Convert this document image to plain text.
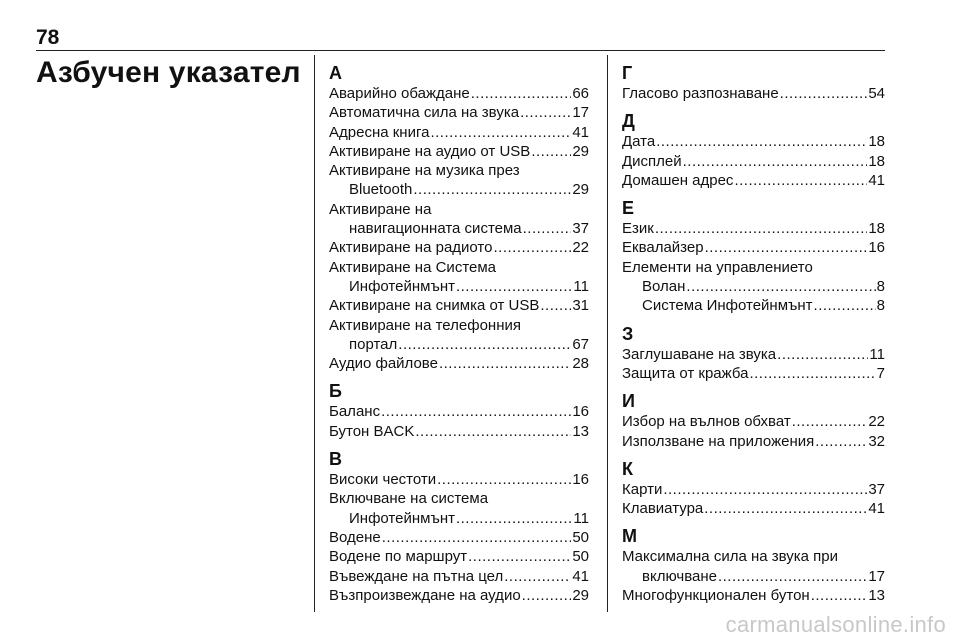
78
Азбучен указател А
Аварийно обаждане .....	66
Автоматична сила на звука .....	17
Адресна книга .....	41
Активиране на аудио от USB .....	29
Активиране на музика през
Bluetooth .....	29
Активиране на
навигационната система .....	37
Активиране на радиото .....	22
Активиране на Система
Инфотейнмънт .....	11
Активиране на снимка от USB ..... 31
Активиране на телефонния
портал .....	67
Аудио файлове .....	28
Б
Баланс .....	16
Бутон BACK .....	13
В
Високи честоти .....	16
Включване на система
Инфотейнмънт .....	11
Водене .....	50
Водене по маршрут .....	50
Въвеждане на пътна цел .....	41
Възпроизвеждане на аудио .....	29
Г
Гласово разпознаване .....	54
Д
Дата .....	18
Дисплей .....	18
Домашен адрес .....	41
Е
Език .....	18
Еквалайзер .....	16
Елементи на управлението
Волан .....	8
Система Инфотейнмънт .....	8
З
Заглушаване на звука .....	11
Защита от кражба .....	7
И
Избор на вълнов обхват .....	22
Използване на приложения .....	32
К
Карти .....	37
Клавиатура .....	41
М
Максимална сила на звука при
включване .....	17
Многофункционален бутон .....	13
carmanualsonline.info
